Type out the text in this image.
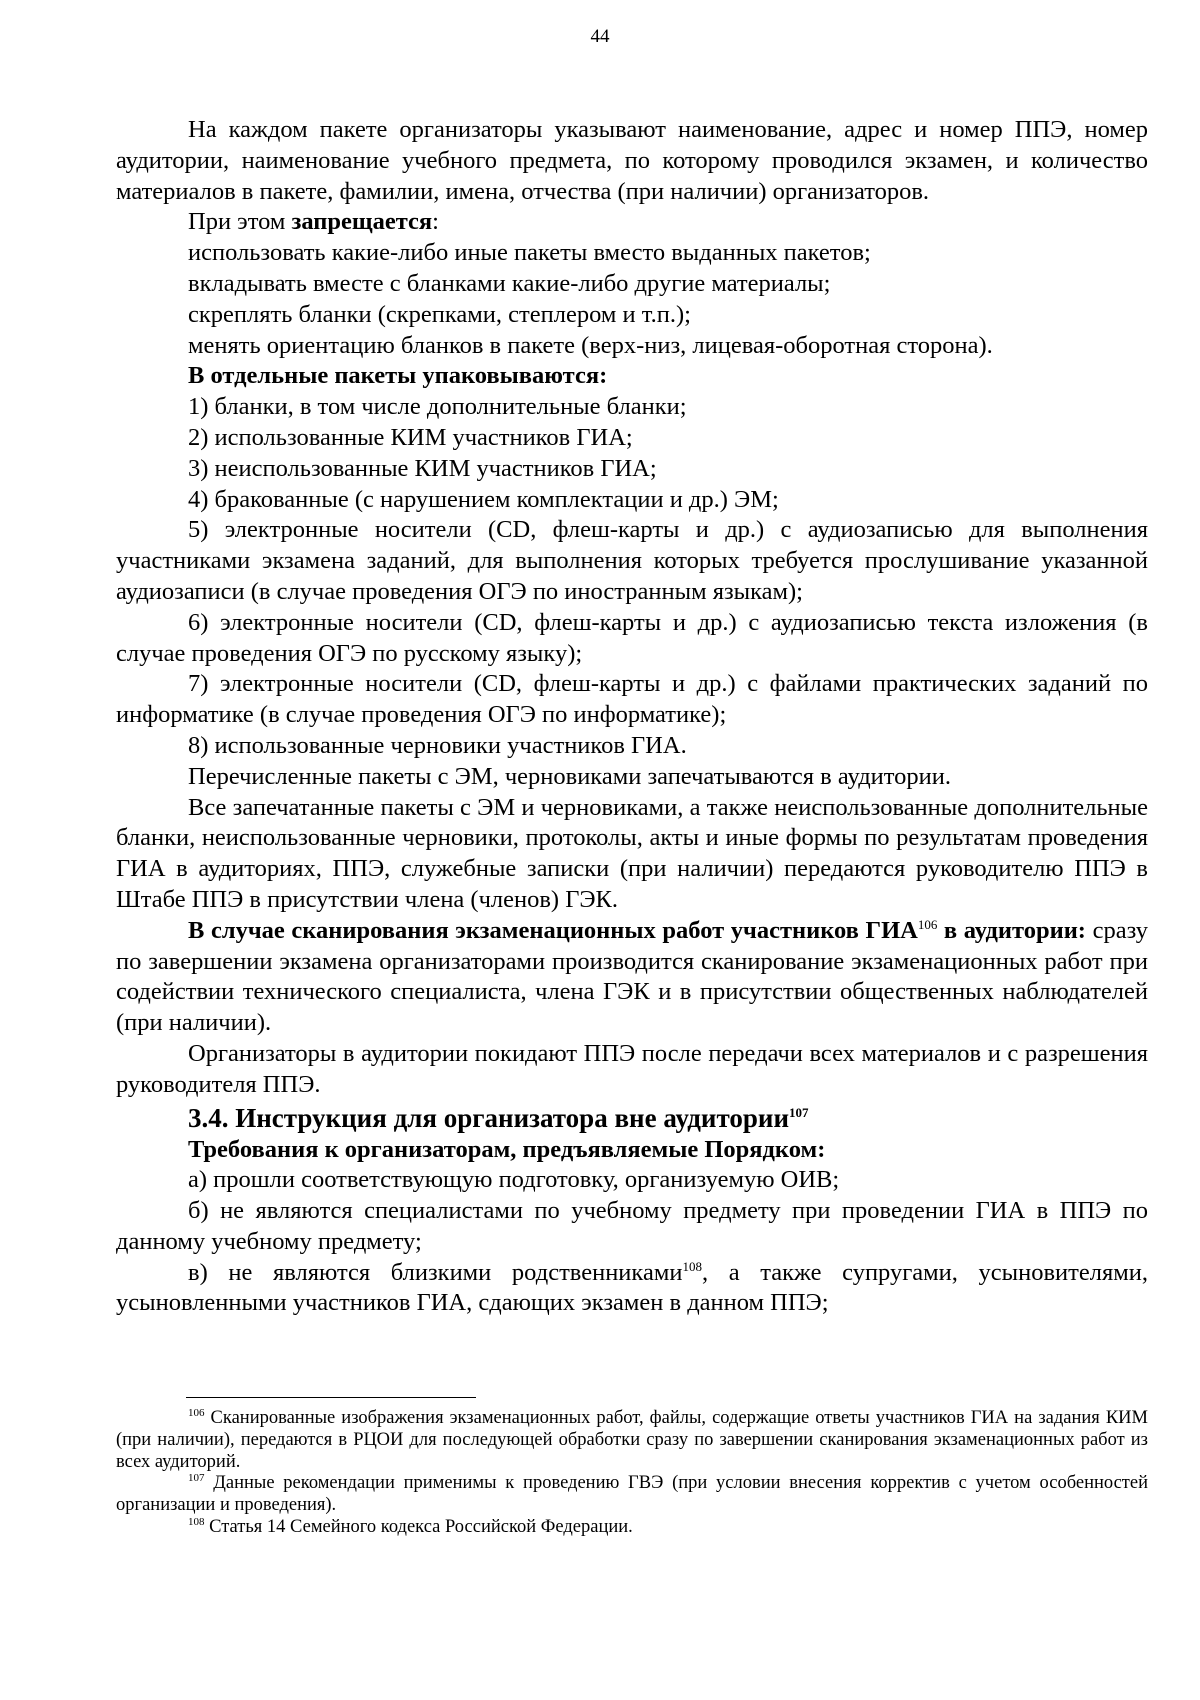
44

На каждом пакете организаторы указывают наименование, адрес и номер ППЭ, номер аудитории, наименование учебного предмета, по которому проводился экзамен, и количество материалов в пакете, фамилии, имена, отчества (при наличии) организаторов.

При этом запрещается:

использовать какие-либо иные пакеты вместо выданных пакетов;

вкладывать вместе с бланками какие-либо другие материалы;

скреплять бланки (скрепками, степлером и т.п.);

менять ориентацию бланков в пакете (верх-низ, лицевая-оборотная сторона).

В отдельные пакеты упаковываются:

1) бланки, в том числе дополнительные бланки;

2) использованные КИМ участников ГИА;

3) неиспользованные КИМ участников ГИА;

4) бракованные (с нарушением комплектации и др.) ЭМ;

5) электронные носители (CD, флеш-карты и др.) с аудиозаписью для выполнения участниками экзамена заданий, для выполнения которых требуется прослушивание указанной аудиозаписи (в случае проведения ОГЭ по иностранным языкам);

6) электронные носители (CD, флеш-карты и др.) с аудиозаписью текста изложения (в случае проведения ОГЭ по русскому языку);

7) электронные носители (CD, флеш-карты и др.) с файлами практических заданий по информатике (в случае проведения ОГЭ по информатике);

8) использованные черновики участников ГИА.

Перечисленные пакеты с ЭМ, черновиками запечатываются в аудитории.

Все запечатанные пакеты с ЭМ и черновиками, а также неиспользованные дополнительные бланки, неиспользованные черновики, протоколы, акты и иные формы по результатам проведения ГИА в аудиториях, ППЭ, служебные записки (при наличии) передаются руководителю ППЭ в Штабе ППЭ в присутствии члена (членов) ГЭК.

В случае сканирования экзаменационных работ участников ГИА$^{106}$ в аудитории: сразу по завершении экзамена организаторами производится сканирование экзаменационных работ при содействии технического специалиста, члена ГЭК и в присутствии общественных наблюдателей (при наличии).

Организаторы в аудитории покидают ППЭ после передачи всех материалов и с разрешения руководителя ППЭ.

3.4. Инструкция для организатора вне аудитории$^{107}$

Требования к организаторам, предъявляемые Порядком:

а) прошли соответствующую подготовку, организуемую ОИВ;

б) не являются специалистами по учебному предмету при проведении ГИА в ППЭ по данному учебному предмету;

в) не являются близкими родственниками$^{108}$, а также супругами, усыновителями, усыновленными участников ГИА, сдающих экзамен в данном ППЭ;

$^{106}$ Сканированные изображения экзаменационных работ, файлы, содержащие ответы участников ГИА на задания КИМ (при наличии), передаются в РЦОИ для последующей обработки сразу по завершении сканирования экзаменационных работ из всех аудиторий.

$^{107}$ Данные рекомендации применимы к проведению ГВЭ (при условии внесения корректив с учетом особенностей организации и проведения).

$^{108}$ Статья 14 Семейного кодекса Российской Федерации.
